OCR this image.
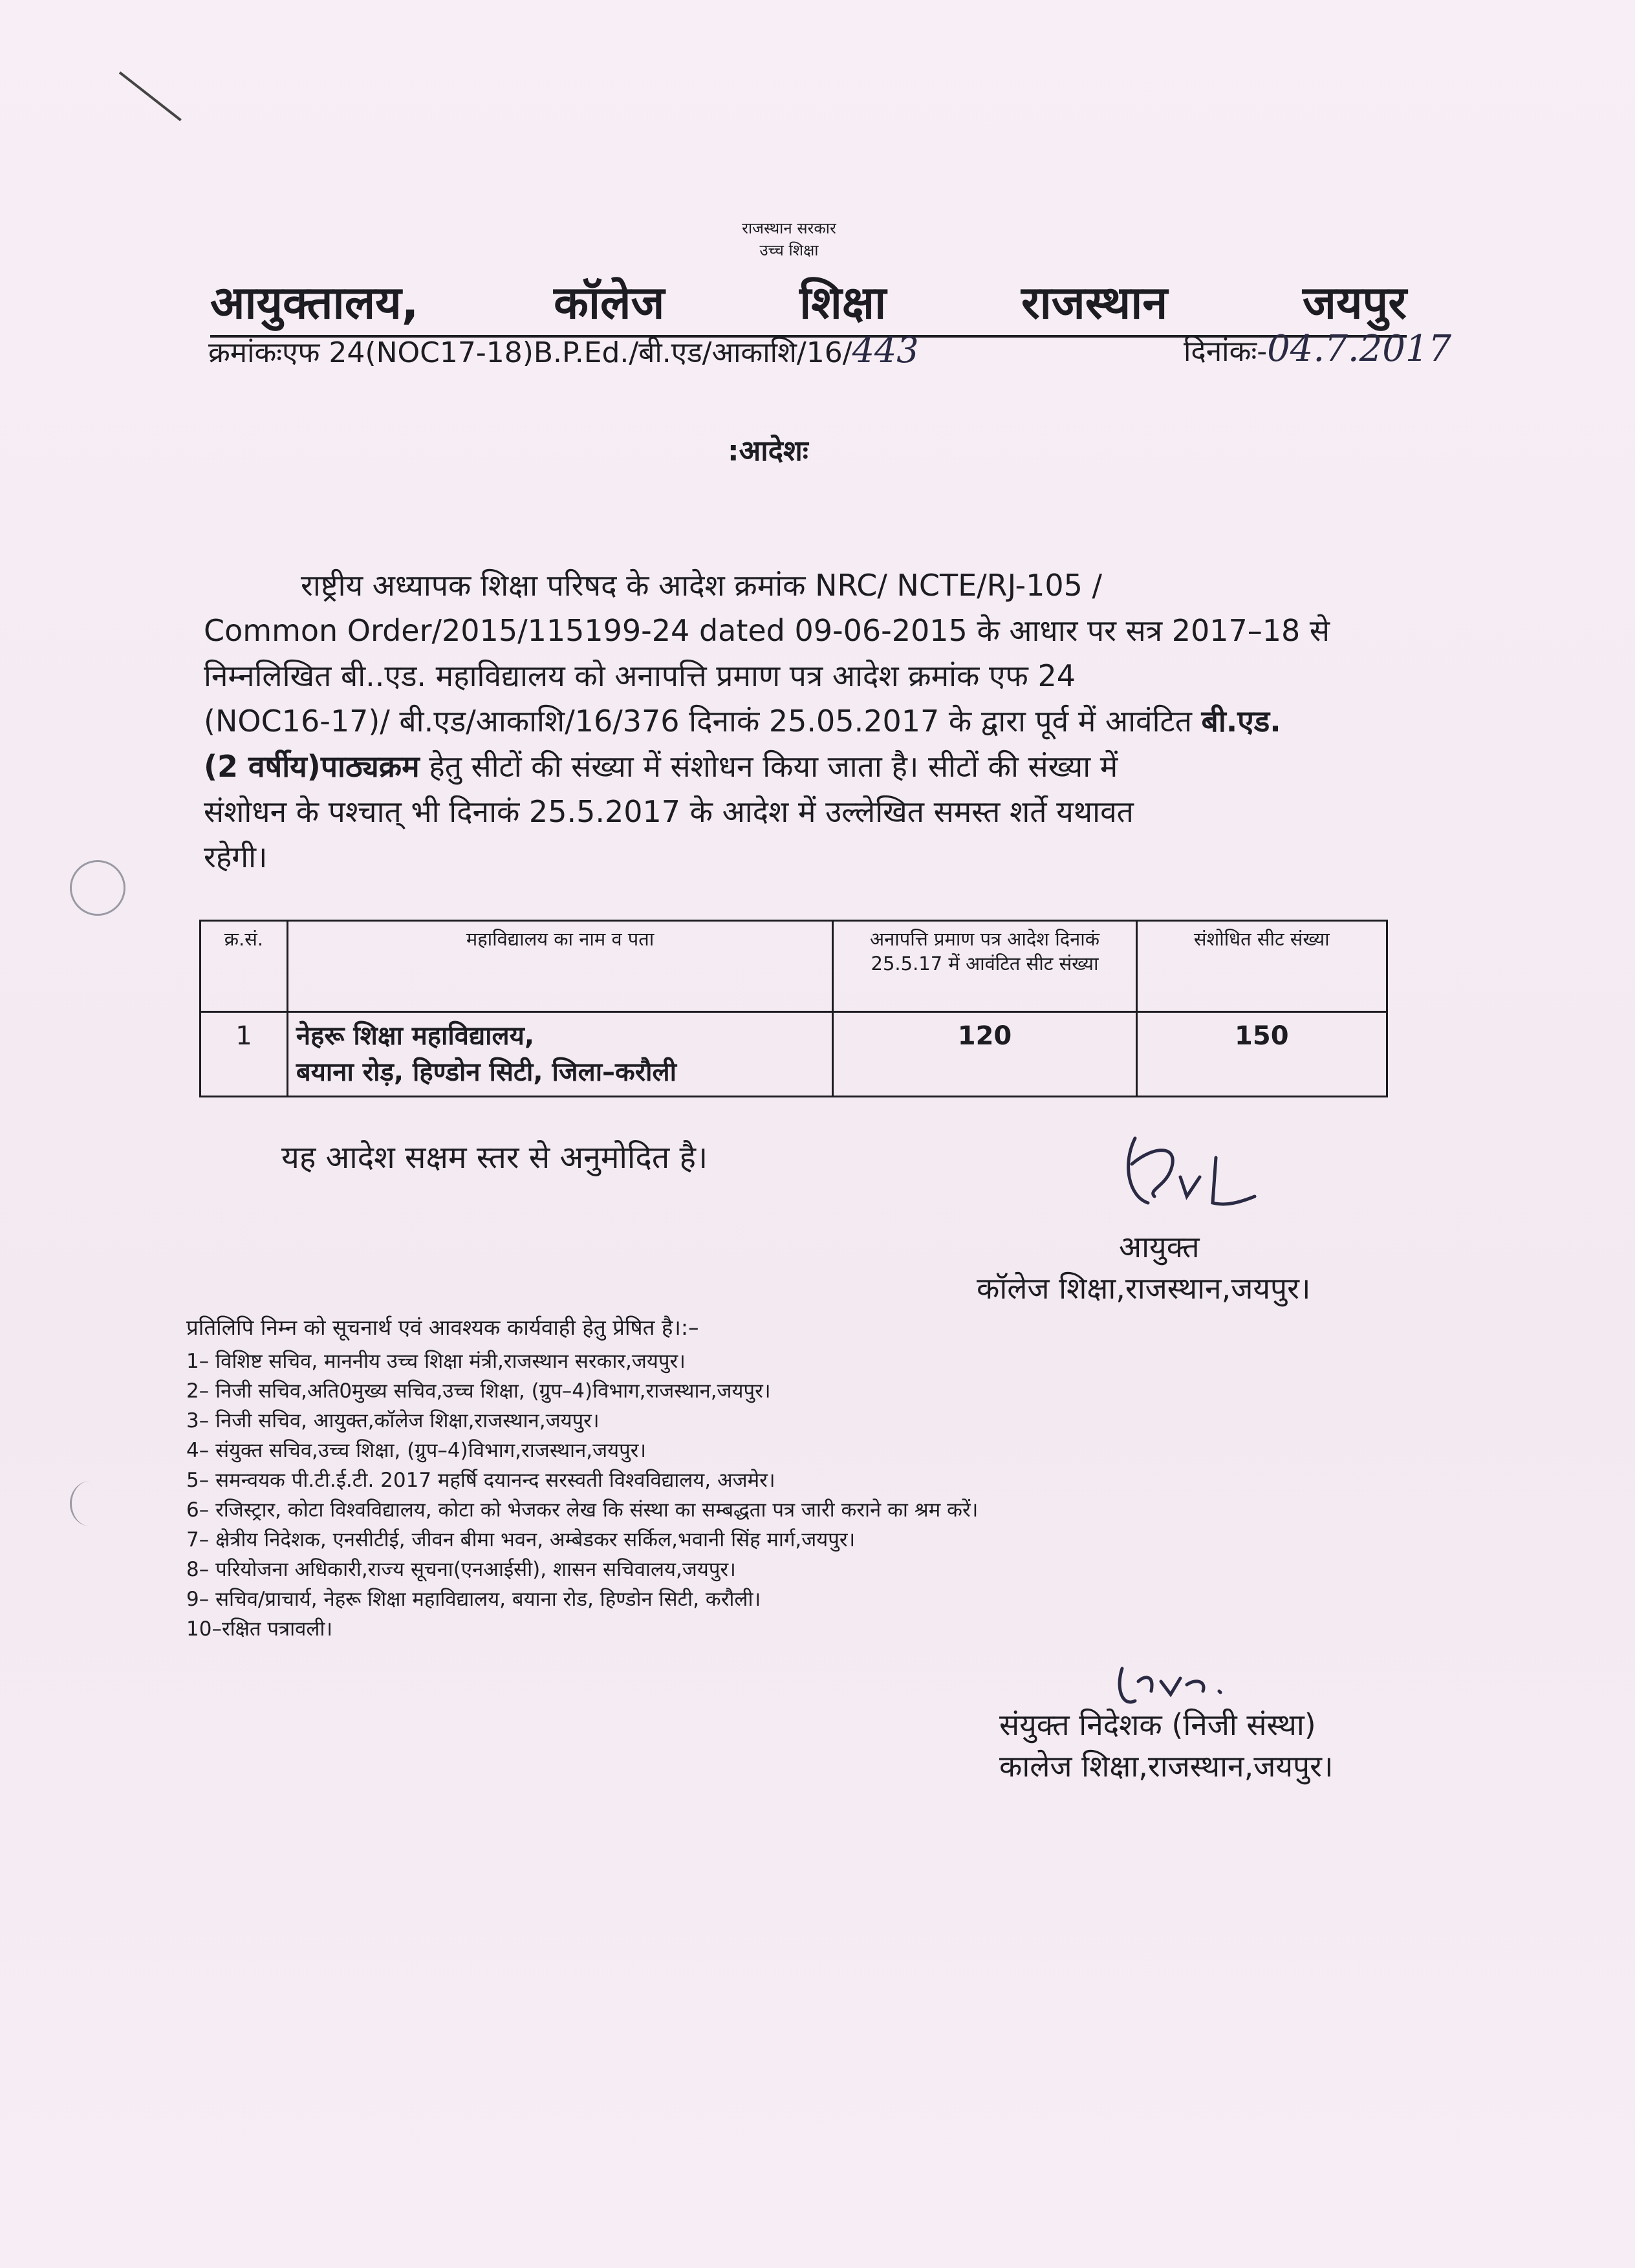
राजस्थान सरकार
उच्च शिक्षा
आयुक्तालय,	कॉलेज	शिक्षा	राजस्थान	जयपुर
क्रमांकःएफ 24(NOC17-18)B.P.Ed./बी.एड/आकाशि/16/443	दिनांकः-04.7.2017
:आदेशः
राष्ट्रीय अध्यापक शिक्षा परिषद के आदेश क्रमांक NRC/ NCTE/RJ-105 /
Common Order/2015/115199-24 dated 09-06-2015 के आधार पर सत्र 2017–18 से
निम्नलिखित बी..एड. महाविद्यालय को अनापत्ति प्रमाण पत्र आदेश क्रमांक एफ 24
(NOC16-17)/ बी.एड/आकाशि/16/376 दिनाकं 25.05.2017 के द्वारा पूर्व में आवंटित बी.एड.
(2 वर्षीय)पाठ्यक्रम हेतु सीटों की संख्या में संशोधन किया जाता है। सीटों की संख्या में
संशोधन के पश्चात् भी दिनाकं 25.5.2017 के आदेश में उल्लेखित समस्त शर्ते यथावत
रहेगी।
क्र.सं.	महाविद्यालय का नाम व पता	अनापत्ति प्रमाण पत्र आदेश दिनाकं 25.5.17 में आवंटित सीट संख्या	संशोधित सीट संख्या
1	नेहरू शिक्षा महाविद्यालय,
बयाना रोड़, हिण्डोन सिटी, जिला–करौली	120	150
यह आदेश सक्षम स्तर से अनुमोदित है।
आयुक्त
कॉलेज शिक्षा,राजस्थान,जयपुर।
प्रतिलिपि निम्न को सूचनार्थ एवं आवश्यक कार्यवाही हेतु प्रेषित है।:–
1– विशिष्ट सचिव, माननीय उच्च शिक्षा मंत्री,राजस्थान सरकार,जयपुर।
2– निजी सचिव,अति0मुख्य सचिव,उच्च शिक्षा, (ग्रुप–4)विभाग,राजस्थान,जयपुर।
3– निजी सचिव, आयुक्त,कॉलेज शिक्षा,राजस्थान,जयपुर।
4– संयुक्त सचिव,उच्च शिक्षा, (ग्रुप–4)विभाग,राजस्थान,जयपुर।
5– समन्वयक पी.टी.ई.टी. 2017 महर्षि दयानन्द सरस्वती विश्वविद्यालय, अजमेर।
6– रजिस्ट्रार, कोटा विश्वविद्यालय, कोटा को भेजकर लेख कि संस्था का सम्बद्धता पत्र जारी कराने का श्रम करें।
7– क्षेत्रीय निदेशक, एनसीटीई, जीवन बीमा भवन, अम्बेडकर सर्किल,भवानी सिंह मार्ग,जयपुर।
8– परियोजना अधिकारी,राज्य सूचना(एनआईसी), शासन सचिवालय,जयपुर।
9– सचिव/प्राचार्य, नेहरू शिक्षा महाविद्यालय, बयाना रोड, हिण्डोन सिटी, करौली।
10–रक्षित पत्रावली।
संयुक्त निदेशक (निजी संस्था)
कालेज शिक्षा,राजस्थान,जयपुर।
